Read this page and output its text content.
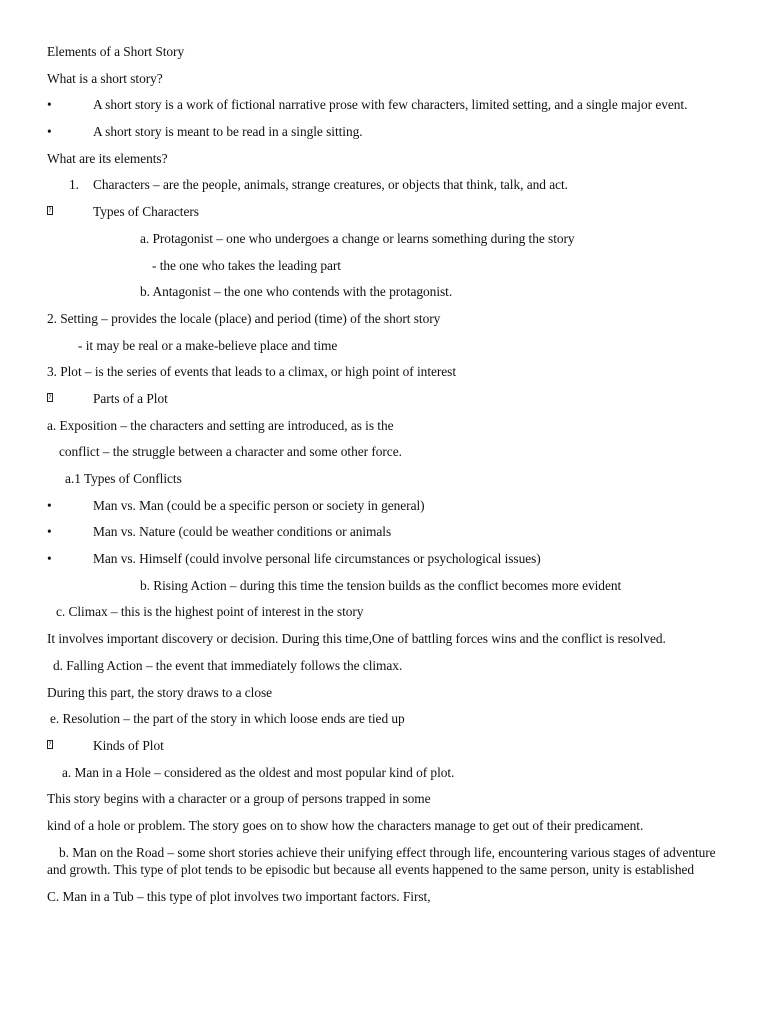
Elements of a Short Story
What is a short story?
•	A short story is a work of fictional narrative prose with few characters, limited setting, and a single major event.
•	A short story is meant to be read in a single sitting.
What are its elements?
1. Characters – are the people, animals, strange creatures, or objects that think, talk, and act.
?
Types of Characters
a. Protagonist – one who undergoes a change or learns something during the story
- the one who takes the leading part
b. Antagonist – the one who contends with the protagonist.
2. Setting – provides the locale (place) and period (time) of the short story
- it may be real or a make-believe place and time
3. Plot – is the series of events that leads to a climax, or high point of interest
?
Parts of a Plot
a. Exposition – the characters and setting are introduced, as is the
conflict – the struggle between a character and some other force.
a.1 Types of Conflicts
•	Man vs. Man (could be a specific person or society in general)
•	Man vs. Nature (could be weather conditions or animals
•	Man vs. Himself (could involve personal life circumstances or psychological issues)
b. Rising Action – during this time the tension builds as the conflict becomes more evident
c. Climax – this is the highest point of interest in the story
It involves important discovery or decision. During this time,One of battling forces wins and the conflict is resolved.
d. Falling Action – the event that immediately follows the climax.
During this part, the story draws to a close
e. Resolution – the part of the story in which loose ends are tied up
?
Kinds of Plot
a. Man in a Hole – considered as the oldest and most popular kind of plot.
This story begins with a character or a group of persons trapped in some
kind of a hole or problem. The story goes on to show how the characters manage to get out of their predicament.
b. Man on the Road – some short stories achieve their unifying effect through life, encountering various stages of adventure and growth. This type of plot tends to be episodic but because all events happened to the same person, unity is established
C. Man in a Tub – this type of plot involves two important factors. First,
